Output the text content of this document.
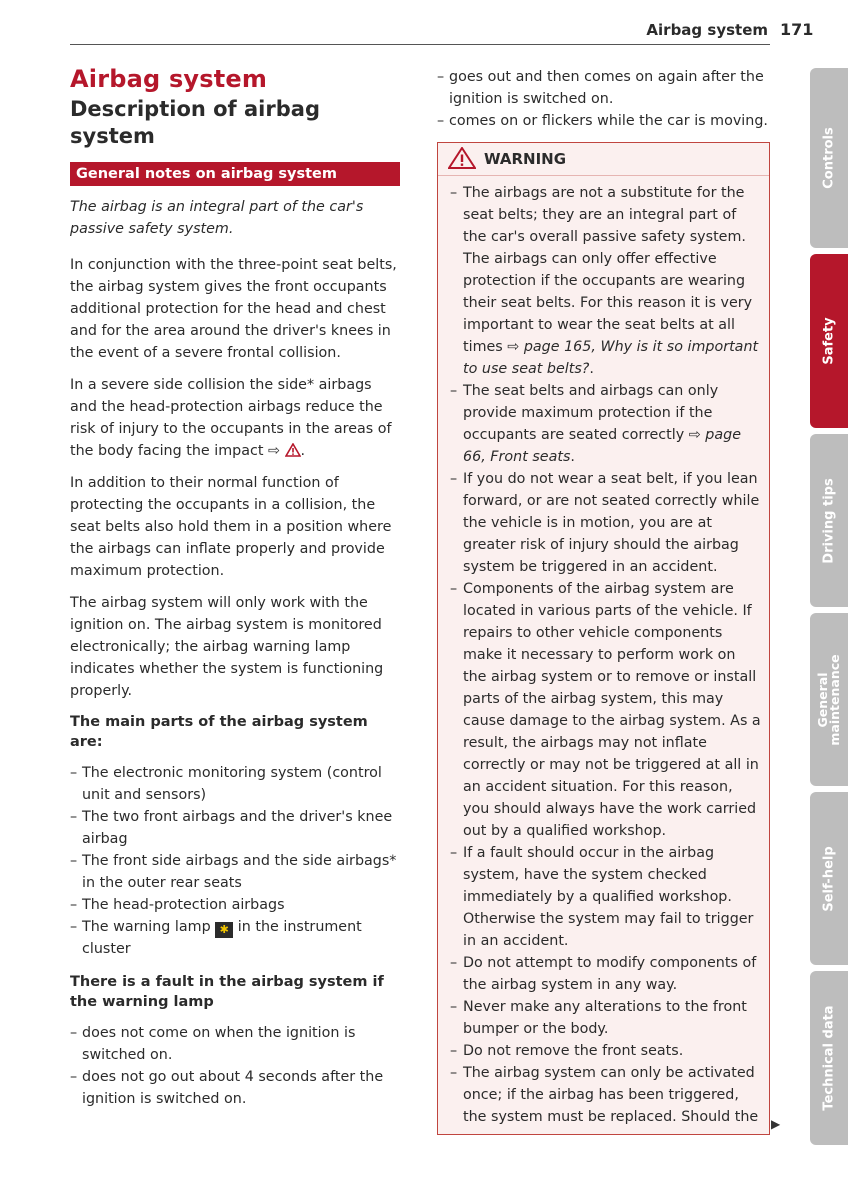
Airbag system 171
Airbag system
Description of airbag system
General notes on airbag system

The airbag is an integral part of the car's passive safety system.

In conjunction with the three-point seat belts, the airbag system gives the front occupants additional protection for the head and chest and for the area around the driver's knees in the event of a severe frontal collision.

In a severe side collision the side* airbags and the head-protection airbags reduce the risk of injury to the occupants in the areas of the body facing the impact ⇨ .

In addition to their normal function of protecting the occupants in a collision, the seat belts also hold them in a position where the airbags can inflate properly and provide maximum protection.

The airbag system will only work with the ignition on. The airbag system is monitored electronically; the airbag warning lamp indicates whether the system is functioning properly.

The main parts of the airbag system are:
– The electronic monitoring system (control unit and sensors)
– The two front airbags and the driver's knee airbag
– The front side airbags and the side airbags* in the outer rear seats
– The head-protection airbags
– The warning lamp ✱ in the instrument cluster
There is a fault in the airbag system if the warning lamp
– does not come on when the ignition is switched on.
– does not go out about 4 seconds after the ignition is switched on.
– goes out and then comes on again after the ignition is switched on.
– comes on or flickers while the car is moving.
WARNING
– The airbags are not a substitute for the seat belts; they are an integral part of the car's overall passive safety system. The airbags can only offer effective protection if the occupants are wearing their seat belts. For this reason it is very important to wear the seat belts at all times ⇨ page 165, Why is it so important to use seat belts?.
– The seat belts and airbags can only provide maximum protection if the occupants are seated correctly ⇨ page 66, Front seats.
– If you do not wear a seat belt, if you lean forward, or are not seated correctly while the vehicle is in motion, you are at greater risk of injury should the airbag system be triggered in an accident.
– Components of the airbag system are located in various parts of the vehicle. If repairs to other vehicle components make it necessary to perform work on the airbag system or to remove or install parts of the airbag system, this may cause damage to the airbag system. As a result, the airbags may not inflate correctly or may not be triggered at all in an accident situation. For this reason, you should always have the work carried out by a qualified workshop.
– If a fault should occur in the airbag system, have the system checked immediately by a qualified workshop. Otherwise the system may fail to trigger in an accident.
– Do not attempt to modify components of the airbag system in any way.
– Never make any alterations to the front bumper or the body.
– Do not remove the front seats.
– The airbag system can only be activated once; if the airbag has been triggered, the system must be replaced. Should the ▶
Controls
Safety
Driving tips
General maintenance
Self-help
Technical data
